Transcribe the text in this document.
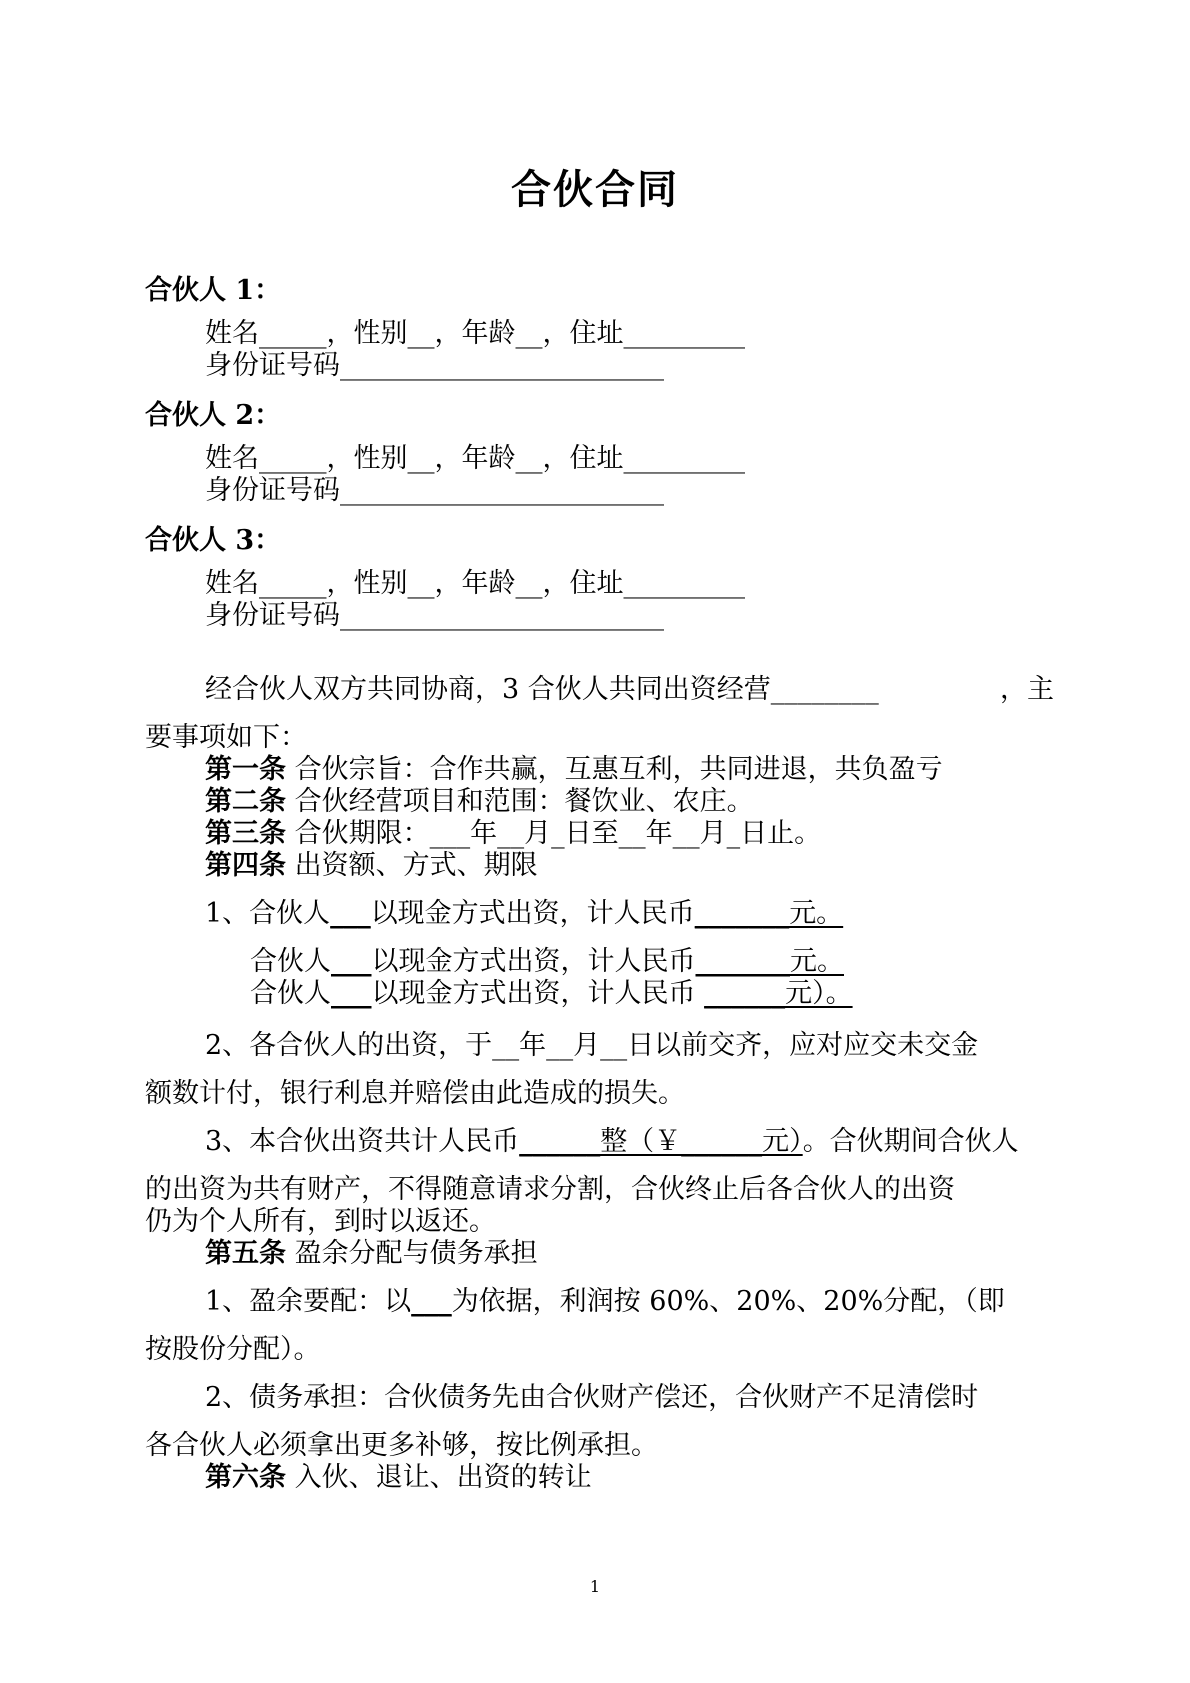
合伙合同
合伙人 1：
姓名_____，性别__，年龄__，住址_________
身份证号码________________________
合伙人 2：
姓名_____，性别__，年龄__，住址_________
身份证号码________________________
合伙人 3：
姓名_____，性别__，年龄__，住址_________
身份证号码________________________
经合伙人双方共同协商，3 合伙人共同出资经营________	，主
要事项如下：
第一条 合伙宗旨：合作共赢，互惠互利，共同进退，共负盈亏
第二条 合伙经营项目和范围：餐饮业、农庄。
第三条 合伙期限：___年__月_日至__年__月_日止。
第四条 出资额、方式、期限
1、合伙人___以现金方式出资，计人民币_______元。
合伙人___以现金方式出资，计人民币_______元。
合伙人___以现金方式出资，计人民币 ______元）。
2、各合伙人的出资，于__年__月__日以前交齐，应对应交未交金
额数计付，银行利息并赔偿由此造成的损失。
3、本合伙出资共计人民币______整（￥______元）。合伙期间合伙人
的出资为共有财产，不得随意请求分割，合伙终止后各合伙人的出资
仍为个人所有，到时以返还。
第五条 盈余分配与债务承担
1、盈余要配：以___为依据，利润按 60%、20%、20%分配，（即
按股份分配）。
2、债务承担：合伙债务先由合伙财产偿还，合伙财产不足清偿时
各合伙人必须拿出更多补够，按比例承担。
第六条 入伙、退让、出资的转让
1
